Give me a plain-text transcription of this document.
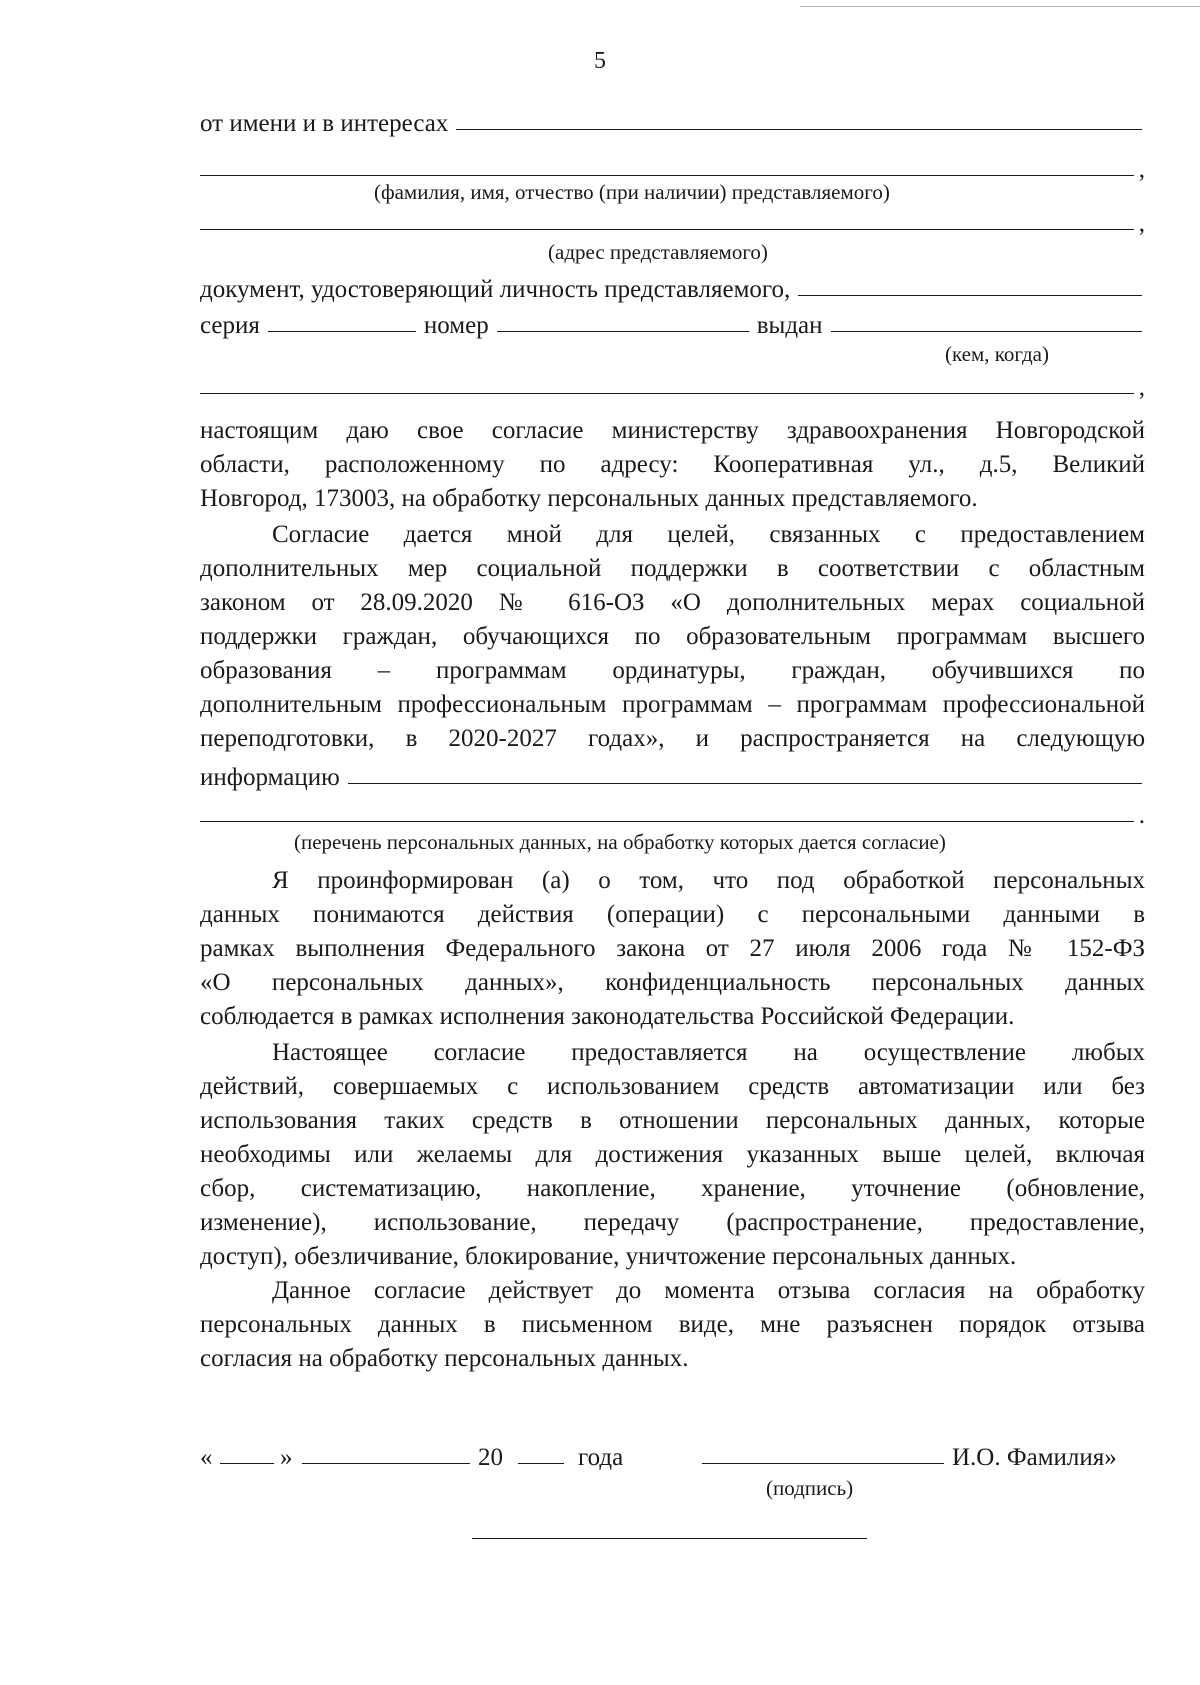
5
от имени и в интересах
,
(фамилия, имя, отчество (при наличии) представляемого)
,
(адрес представляемого)
документ, удостоверяющий личность представляемого,
серия	номер	выдан
(кем, когда)
,
настоящим даю свое согласие министерству здравоохранения Новгородской
области, расположенному по адресу: Кооперативная ул., д.5, Великий
Новгород, 173003, на обработку персональных данных представляемого.
Согласие дается мной для целей, связанных с предоставлением
дополнительных мер социальной поддержки в соответствии с областным
законом от 28.09.2020 № 616-ОЗ «О дополнительных мерах социальной
поддержки граждан, обучающихся по образовательным программам высшего
образования – программам ординатуры, граждан, обучившихся по
дополнительным профессиональным программам – программам профессиональной
переподготовки, в 2020-2027 годах», и распространяется на следующую
информацию
.
(перечень персональных данных, на обработку которых дается согласие)
Я проинформирован (а) о том, что под обработкой персональных
данных понимаются действия (операции) с персональными данными в
рамках выполнения Федерального закона от 27 июля 2006 года № 152-ФЗ
«О персональных данных», конфиденциальность персональных данных
соблюдается в рамках исполнения законодательства Российской Федерации.
Настоящее согласие предоставляется на осуществление любых
действий, совершаемых с использованием средств автоматизации или без
использования таких средств в отношении персональных данных, которые
необходимы или желаемы для достижения указанных выше целей, включая
сбор, систематизацию, накопление, хранение, уточнение (обновление,
изменение), использование, передачу (распространение, предоставление,
доступ), обезличивание, блокирование, уничтожение персональных данных.
Данное согласие действует до момента отзыва согласия на обработку
персональных данных в письменном виде, мне разъяснен порядок отзыва
согласия на обработку персональных данных.
«	»	20	года	И.О. Фамилия»
(подпись)
